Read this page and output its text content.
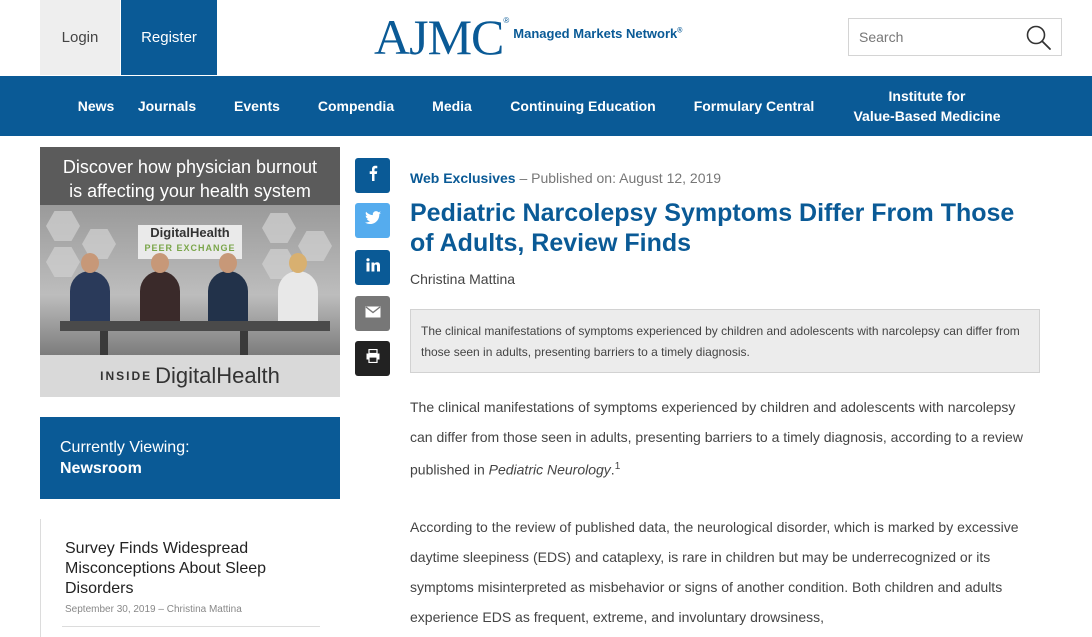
Login	Register	AJMC ®
Managed Markets Network®
Search
News	Journals	Events	Compendia	Media	Continuing Education	Formulary Central
Institute for
Value-Based Medicine
Discover how physician burnout
is affecting your health system
DigitalHealth
PEER EXCHANGE
INSIDE DigitalHealth
Currently Viewing:
Newsroom
Survey Finds Widespread Misconceptions About Sleep Disorders
September 30, 2019 – Christina Mattina
Web Exclusives – Published on: August 12, 2019
Pediatric Narcolepsy Symptoms Differ From Those of Adults, Review Finds
Christina Mattina
The clinical manifestations of symptoms experienced by children and adolescents with narcolepsy can differ from those seen in adults, presenting barriers to a timely diagnosis.

The clinical manifestations of symptoms experienced by children and adolescents with narcolepsy can differ from those seen in adults, presenting barriers to a timely diagnosis, according to a review published in Pediatric Neurology.$^1$

According to the review of published data, the neurological disorder, which is marked by excessive daytime sleepiness (EDS) and cataplexy, is rare in children but may be underrecognized or its symptoms misinterpreted as misbehavior or signs of another condition. Both children and adults experience EDS as frequent, extreme, and involuntary drowsiness,
